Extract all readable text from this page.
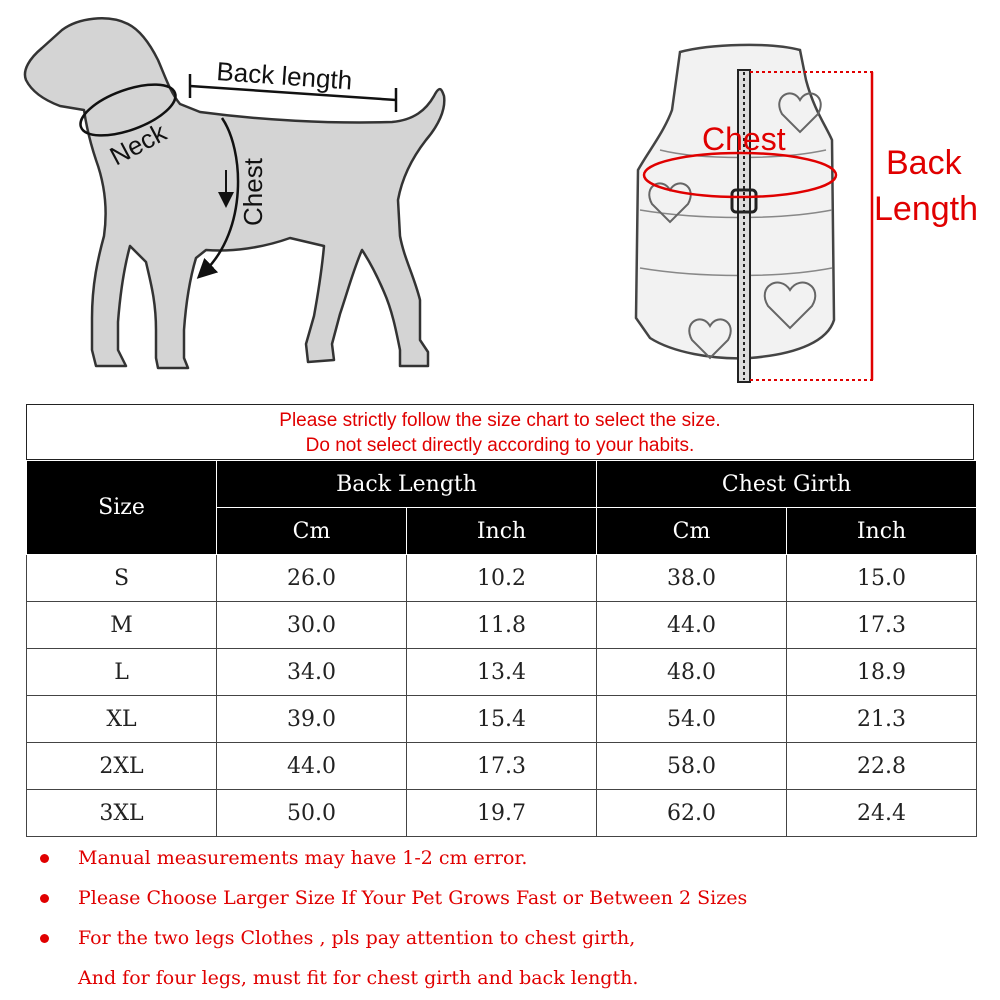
Back length
Neck
Chest
Chest
Back
Length
Please strictly follow the size chart to select the size.
Do not select directly according to your habits.
Size	Back Length		Chest Girth	
	Cm	Inch	Cm	Inch
S	26.0	10.2	38.0	15.0
M	30.0	11.8	44.0	17.3
L	34.0	13.4	48.0	18.9
XL	39.0	15.4	54.0	21.3
2XL	44.0	17.3	58.0	22.8
3XL	50.0	19.7	62.0	24.4
Manual measurements may have 1-2 cm error.
Please Choose Larger Size If Your Pet Grows Fast or Between 2 Sizes
For the two legs Clothes , pls pay attention to chest girth,
And for four legs, must fit for chest girth and back length.
